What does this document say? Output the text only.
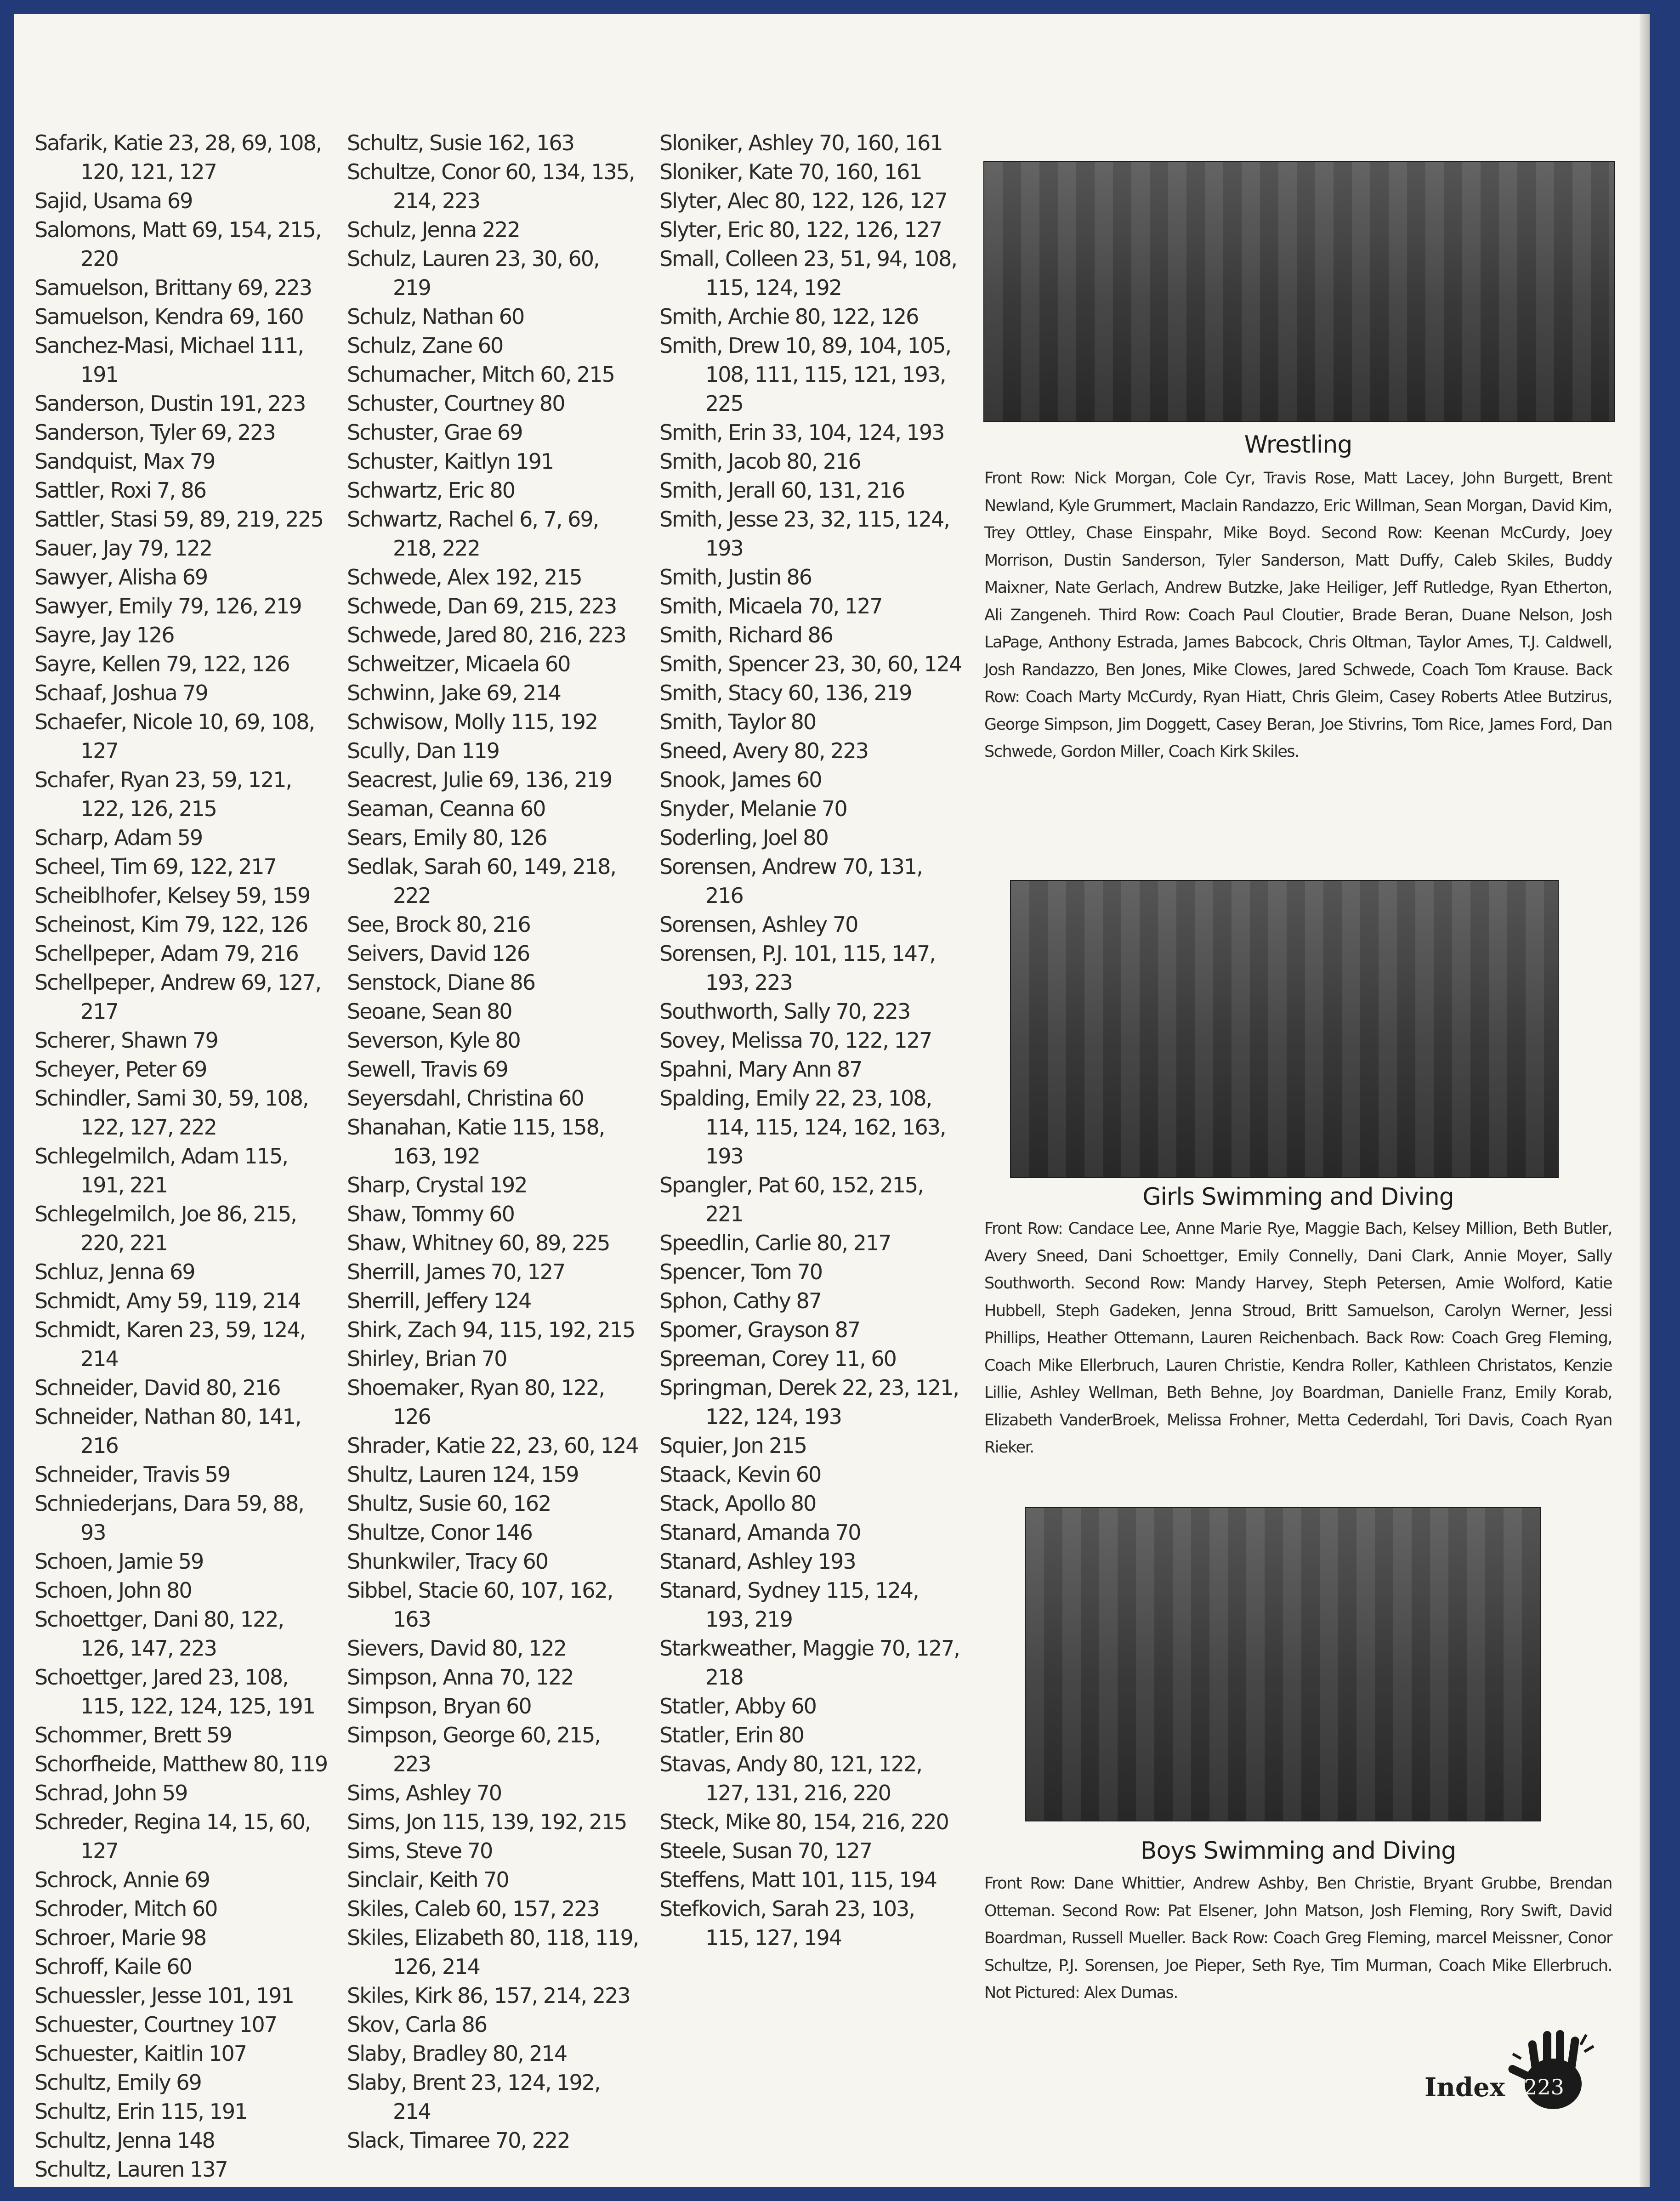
Safarik, Katie 23, 28, 69, 108, 120, 121, 127
Sajid, Usama 69
Salomons, Matt 69, 154, 215, 220
Samuelson, Brittany 69, 223
Samuelson, Kendra 69, 160
Sanchez-Masi, Michael 111, 191
Sanderson, Dustin 191, 223
Sanderson, Tyler 69, 223
Sandquist, Max 79
Sattler, Roxi 7, 86
Sattler, Stasi 59, 89, 219, 225
Sauer, Jay 79, 122
Sawyer, Alisha 69
Sawyer, Emily 79, 126, 219
Sayre, Jay 126
Sayre, Kellen 79, 122, 126
Schaaf, Joshua 79
Schaefer, Nicole 10, 69, 108, 127
Schafer, Ryan 23, 59, 121, 122, 126, 215
Scharp, Adam 59
Scheel, Tim 69, 122, 217
Scheiblhofer, Kelsey 59, 159
Scheinost, Kim 79, 122, 126
Schellpeper, Adam 79, 216
Schellpeper, Andrew 69, 127, 217
Scherer, Shawn 79
Scheyer, Peter 69
Schindler, Sami 30, 59, 108, 122, 127, 222
Schlegelmilch, Adam 115, 191, 221
Schlegelmilch, Joe 86, 215, 220, 221
Schluz, Jenna 69
Schmidt, Amy 59, 119, 214
Schmidt, Karen 23, 59, 124, 214
Schneider, David 80, 216
Schneider, Nathan 80, 141, 216
Schneider, Travis 59
Schniederjans, Dara 59, 88, 93
Schoen, Jamie 59
Schoen, John 80
Schoettger, Dani 80, 122, 126, 147, 223
Schoettger, Jared 23, 108, 115, 122, 124, 125, 191
Schommer, Brett 59
Schorfheide, Matthew 80, 119
Schrad, John 59
Schreder, Regina 14, 15, 60, 127
Schrock, Annie 69
Schroder, Mitch 60
Schroer, Marie 98
Schroff, Kaile 60
Schuessler, Jesse 101, 191
Schuester, Courtney 107
Schuester, Kaitlin 107
Schultz, Emily 69
Schultz, Erin 115, 191
Schultz, Jenna 148
Schultz, Lauren 137
Schultz, Susie 162, 163
Schultze, Conor 60, 134, 135, 214, 223
Schulz, Jenna 222
Schulz, Lauren 23, 30, 60, 219
Schulz, Nathan 60
Schulz, Zane 60
Schumacher, Mitch 60, 215
Schuster, Courtney 80
Schuster, Grae 69
Schuster, Kaitlyn 191
Schwartz, Eric 80
Schwartz, Rachel 6, 7, 69, 218, 222
Schwede, Alex 192, 215
Schwede, Dan 69, 215, 223
Schwede, Jared 80, 216, 223
Schweitzer, Micaela 60
Schwinn, Jake 69, 214
Schwisow, Molly 115, 192
Scully, Dan 119
Seacrest, Julie 69, 136, 219
Seaman, Ceanna 60
Sears, Emily 80, 126
Sedlak, Sarah 60, 149, 218, 222
See, Brock 80, 216
Seivers, David 126
Senstock, Diane 86
Seoane, Sean 80
Severson, Kyle 80
Sewell, Travis 69
Seyersdahl, Christina 60
Shanahan, Katie 115, 158, 163, 192
Sharp, Crystal 192
Shaw, Tommy 60
Shaw, Whitney 60, 89, 225
Sherrill, James 70, 127
Sherrill, Jeffery 124
Shirk, Zach 94, 115, 192, 215
Shirley, Brian 70
Shoemaker, Ryan 80, 122, 126
Shrader, Katie 22, 23, 60, 124
Shultz, Lauren 124, 159
Shultz, Susie 60, 162
Shultze, Conor 146
Shunkwiler, Tracy 60
Sibbel, Stacie 60, 107, 162, 163
Sievers, David 80, 122
Simpson, Anna 70, 122
Simpson, Bryan 60
Simpson, George 60, 215, 223
Sims, Ashley 70
Sims, Jon 115, 139, 192, 215
Sims, Steve 70
Sinclair, Keith 70
Skiles, Caleb 60, 157, 223
Skiles, Elizabeth 80, 118, 119, 126, 214
Skiles, Kirk 86, 157, 214, 223
Skov, Carla 86
Slaby, Bradley 80, 214
Slaby, Brent 23, 124, 192, 214
Slack, Timaree 70, 222
Sloniker, Ashley 70, 160, 161
Sloniker, Kate 70, 160, 161
Slyter, Alec 80, 122, 126, 127
Slyter, Eric 80, 122, 126, 127
Small, Colleen 23, 51, 94, 108, 115, 124, 192
Smith, Archie 80, 122, 126
Smith, Drew 10, 89, 104, 105, 108, 111, 115, 121, 193, 225
Smith, Erin 33, 104, 124, 193
Smith, Jacob 80, 216
Smith, Jerall 60, 131, 216
Smith, Jesse 23, 32, 115, 124, 193
Smith, Justin 86
Smith, Micaela 70, 127
Smith, Richard 86
Smith, Spencer 23, 30, 60, 124
Smith, Stacy 60, 136, 219
Smith, Taylor 80
Sneed, Avery 80, 223
Snook, James 60
Snyder, Melanie 70
Soderling, Joel 80
Sorensen, Andrew 70, 131, 216
Sorensen, Ashley 70
Sorensen, P.J. 101, 115, 147, 193, 223
Southworth, Sally 70, 223
Sovey, Melissa 70, 122, 127
Spahni, Mary Ann 87
Spalding, Emily 22, 23, 108, 114, 115, 124, 162, 163, 193
Spangler, Pat 60, 152, 215, 221
Speedlin, Carlie 80, 217
Spencer, Tom 70
Sphon, Cathy 87
Spomer, Grayson 87
Spreeman, Corey 11, 60
Springman, Derek 22, 23, 121, 122, 124, 193
Squier, Jon 215
Staack, Kevin 60
Stack, Apollo 80
Stanard, Amanda 70
Stanard, Ashley 193
Stanard, Sydney 115, 124, 193, 219
Starkweather, Maggie 70, 127, 218
Statler, Abby 60
Statler, Erin 80
Stavas, Andy 80, 121, 122, 127, 131, 216, 220
Steck, Mike 80, 154, 216, 220
Steele, Susan 70, 127
Steffens, Matt 101, 115, 194
Stefkovich, Sarah 23, 103, 115, 127, 194
Wrestling
Front Row: Nick Morgan, Cole Cyr, Travis Rose, Matt Lacey, John Burgett, Brent Newland, Kyle Grummert, Maclain Randazzo, Eric Willman, Sean Morgan, David Kim, Trey Ottley, Chase Einspahr, Mike Boyd. Second Row: Keenan McCurdy, Joey Morrison, Dustin Sanderson, Tyler Sanderson, Matt Duffy, Caleb Skiles, Buddy Maixner, Nate Gerlach, Andrew Butzke, Jake Heiliger, Jeff Rutledge, Ryan Etherton, Ali Zangeneh. Third Row: Coach Paul Cloutier, Brade Beran, Duane Nelson, Josh LaPage, Anthony Estrada, James Babcock, Chris Oltman, Taylor Ames, T.J. Caldwell, Josh Randazzo, Ben Jones, Mike Clowes, Jared Schwede, Coach Tom Krause. Back Row: Coach Marty McCurdy, Ryan Hiatt, Chris Gleim, Casey Roberts Atlee Butzirus, George Simpson, Jim Doggett, Casey Beran, Joe Stivrins, Tom Rice, James Ford, Dan Schwede, Gordon Miller, Coach Kirk Skiles.
Girls Swimming and Diving
Front Row: Candace Lee, Anne Marie Rye, Maggie Bach, Kelsey Million, Beth Butler, Avery Sneed, Dani Schoettger, Emily Connelly, Dani Clark, Annie Moyer, Sally Southworth. Second Row: Mandy Harvey, Steph Petersen, Amie Wolford, Katie Hubbell, Steph Gadeken, Jenna Stroud, Britt Samuelson, Carolyn Werner, Jessi Phillips, Heather Ottemann, Lauren Reichenbach. Back Row: Coach Greg Fleming, Coach Mike Ellerbruch, Lauren Christie, Kendra Roller, Kathleen Christatos, Kenzie Lillie, Ashley Wellman, Beth Behne, Joy Boardman, Danielle Franz, Emily Korab, Elizabeth VanderBroek, Melissa Frohner, Metta Cederdahl, Tori Davis, Coach Ryan Rieker.
Boys Swimming and Diving
Front Row: Dane Whittier, Andrew Ashby, Ben Christie, Bryant Grubbe, Brendan Otteman. Second Row: Pat Elsener, John Matson, Josh Fleming, Rory Swift, David Boardman, Russell Mueller. Back Row: Coach Greg Fleming, marcel Meissner, Conor Schultze, P.J. Sorensen, Joe Pieper, Seth Rye, Tim Murman, Coach Mike Ellerbruch. Not Pictured: Alex Dumas.
Index 223
